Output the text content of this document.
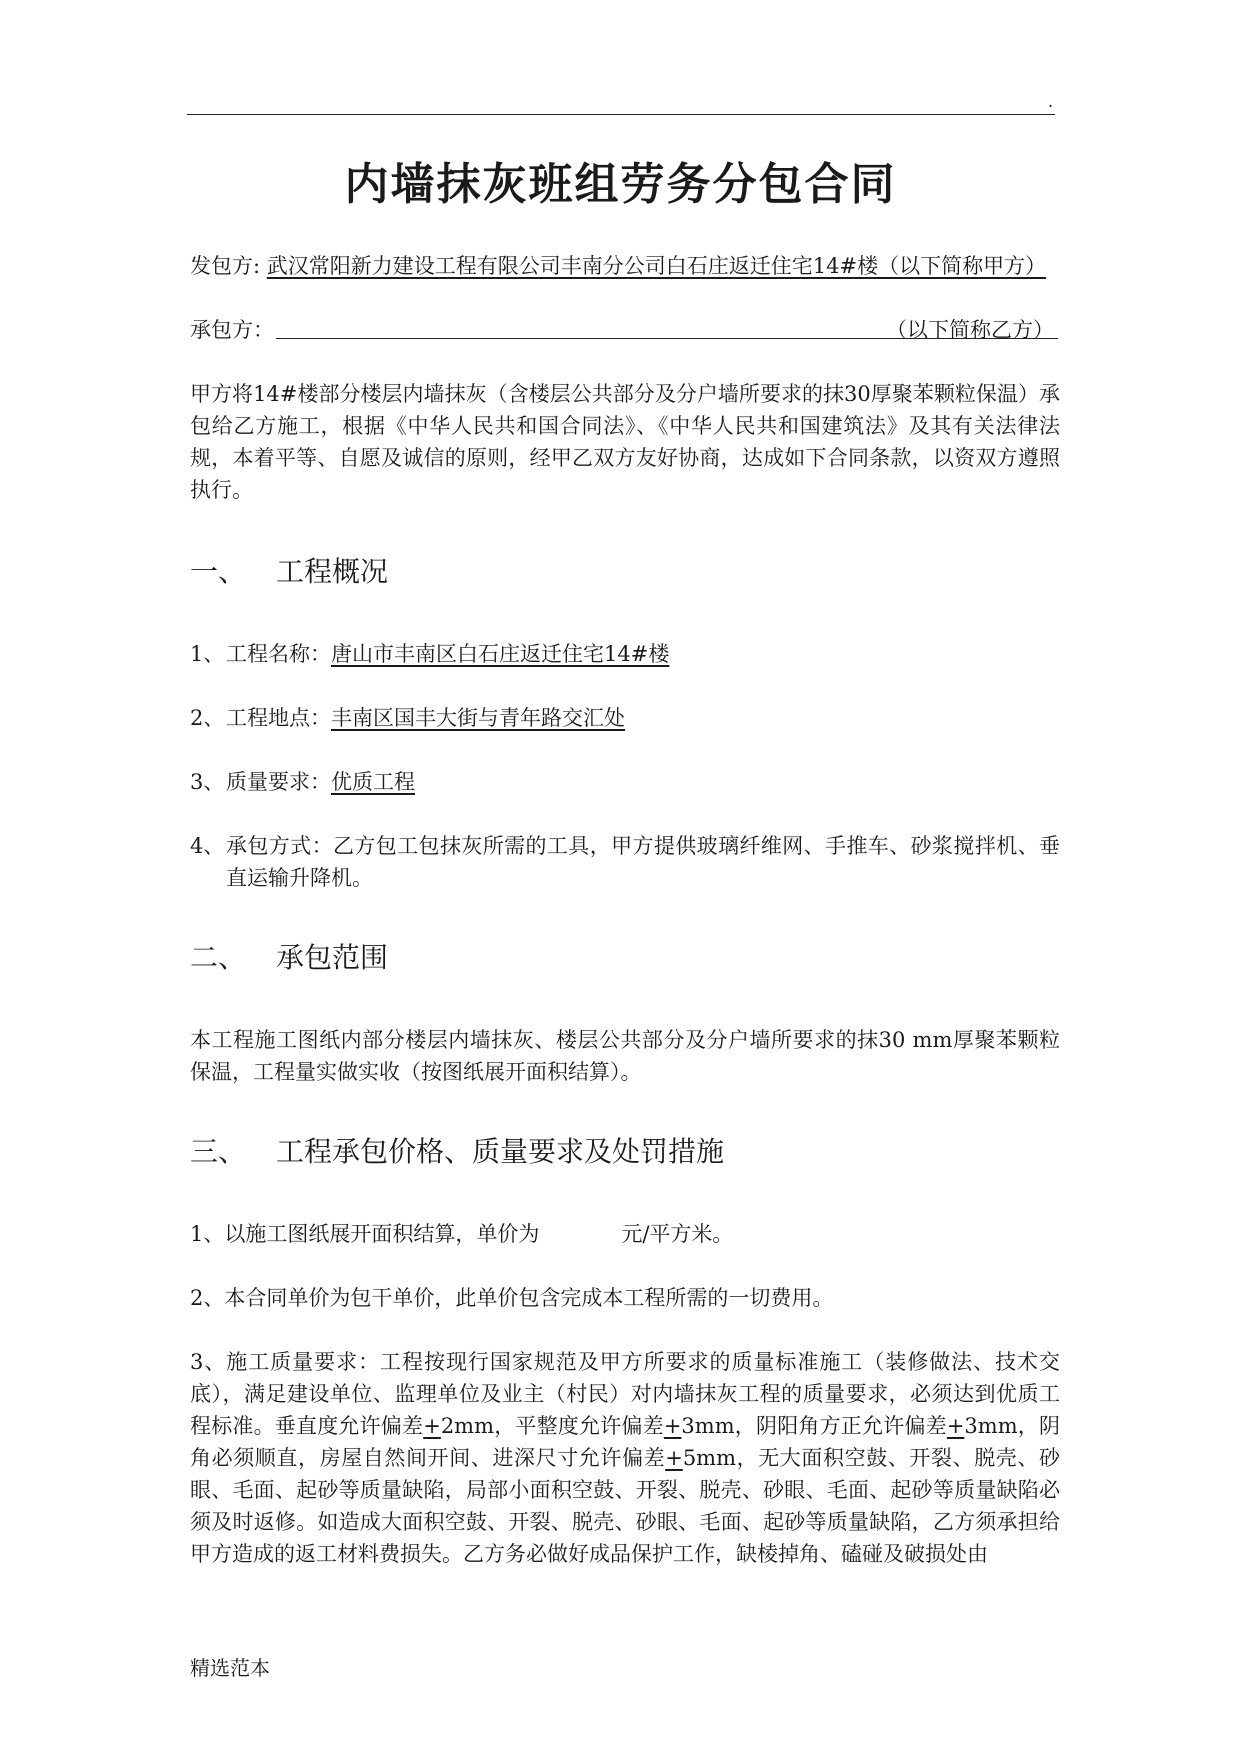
.
内墙抹灰班组劳务分包合同
发包方: 武汉常阳新力建设工程有限公司丰南分公司白石庄返迁住宅14#楼（以下简称甲方）
承包方：	（以下简称乙方）
甲方将14#楼部分楼层内墙抹灰（含楼层公共部分及分户墙所要求的抹30厚聚苯颗粒保温）承包给乙方施工，根据《中华人民共和国合同法》、《中华人民共和国建筑法》及其有关法律法规，本着平等、自愿及诚信的原则，经甲乙双方友好协商，达成如下合同条款，以资双方遵照执行。
一、 工程概况
1、 工程名称：唐山市丰南区白石庄返迁住宅14#楼
2、 工程地点：丰南区国丰大街与青年路交汇处
3、 质量要求：优质工程
4、 承包方式：乙方包工包抹灰所需的工具，甲方提供玻璃纤维网、手推车、砂浆搅拌机、垂直运输升降机。
二、 承包范围
本工程施工图纸内部分楼层内墙抹灰、楼层公共部分及分户墙所要求的抹30 mm厚聚苯颗粒保温，工程量实做实收（按图纸展开面积结算）。
三、 工程承包价格、质量要求及处罚措施
1、以施工图纸展开面积结算，单价为	元/平方米。
2、本合同单价为包干单价，此单价包含完成本工程所需的一切费用。
3、施工质量要求：工程按现行国家规范及甲方所要求的质量标准施工（装修做法、技术交底），满足建设单位、监理单位及业主（村民）对内墙抹灰工程的质量要求，必须达到优质工程标准。垂直度允许偏差+2mm，平整度允许偏差+3mm，阴阳角方正允许偏差+3mm，阴角必须顺直，房屋自然间开间、进深尺寸允许偏差+5mm，无大面积空鼓、开裂、脱壳、砂眼、毛面、起砂等质量缺陷，局部小面积空鼓、开裂、脱壳、砂眼、毛面、起砂等质量缺陷必须及时返修。如造成大面积空鼓、开裂、脱壳、砂眼、毛面、起砂等质量缺陷，乙方须承担给甲方造成的返工材料费损失。乙方务必做好成品保护工作，缺棱掉角、磕碰及破损处由
精选范本
